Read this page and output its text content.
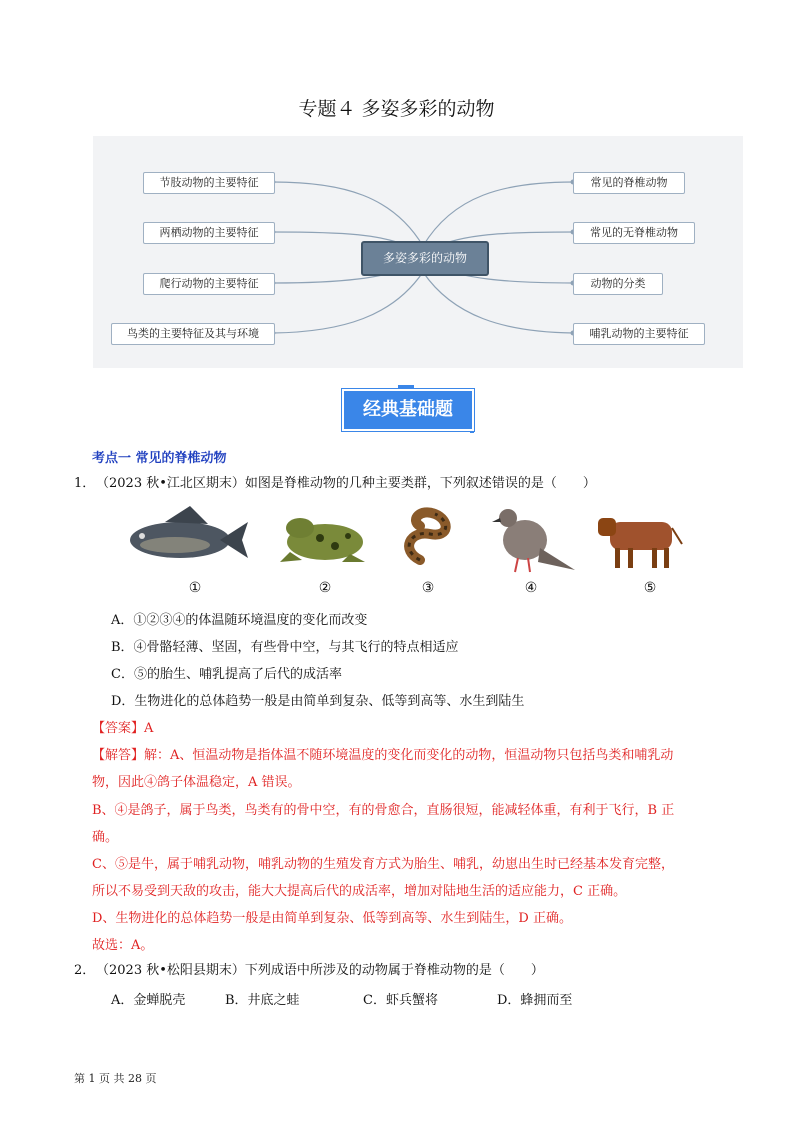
专题４ 多姿多彩的动物
节肢动物的主要特征
两栖动物的主要特征
爬行动物的主要特征
鸟类的主要特征及其与环境
常见的脊椎动物
常见的无脊椎动物
动物的分类
哺乳动物的主要特征
多姿多彩的动物
经典基础题
考点一 常见的脊椎动物
1． （2023 秋•江北区期末）如图是脊椎动物的几种主要类群，下列叙述错误的是（　　）
①	②	③	④	⑤
A．①②③④的体温随环境温度的变化而改变
B．④骨骼轻薄、坚固，有些骨中空，与其飞行的特点相适应
C．⑤的胎生、哺乳提高了后代的成活率
D．生物进化的总体趋势一般是由简单到复杂、低等到高等、水生到陆生
【答案】A
【解答】解：A、恒温动物是指体温不随环境温度的变化而变化的动物，恒温动物只包括鸟类和哺乳动
物，因此④鸽子体温稳定，A 错误。
B、④是鸽子，属于鸟类，鸟类有的骨中空，有的骨愈合，直肠很短，能减轻体重，有利于飞行，B 正
确。
C、⑤是牛，属于哺乳动物，哺乳动物的生殖发育方式为胎生、哺乳，幼崽出生时已经基本发育完整，
所以不易受到天敌的攻击，能大大提高后代的成活率，增加对陆地生活的适应能力，C 正确。
D、生物进化的总体趋势一般是由简单到复杂、低等到高等、水生到陆生，D 正确。
故选：A。
2． （2023 秋•松阳县期末）下列成语中所涉及的动物属于脊椎动物的是（　　）
A．金蝉脱壳	B．井底之蛙	C．虾兵蟹将	D．蜂拥而至
第 1 页 共 28 页
